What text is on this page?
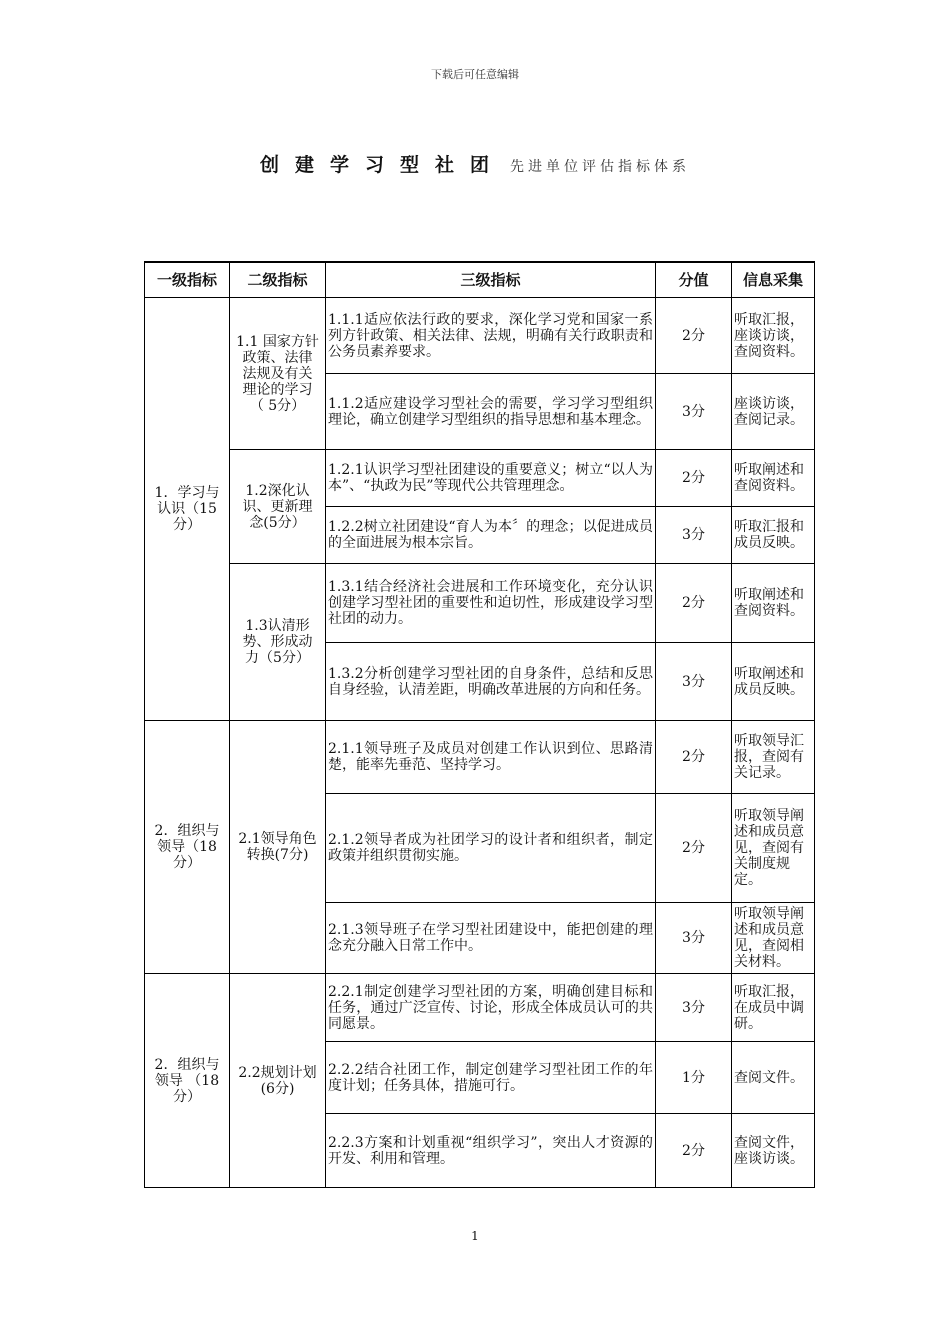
下载后可任意编辑
创建学习型社团 先进单位评估指标体系
一级指标	二级指标	三级指标	分值	信息采集
1．学习与认识（15分）	1.1 国家方针政策、法律法规及有关理论的学习（ 5分）	1.1.1适应依法行政的要求，深化学习党和国家一系列方针政策、相关法律、法规，明确有关行政职责和公务员素养要求。	2分	听取汇报，座谈访谈，查阅资料。
		1.1.2适应建设学习型社会的需要，学习学习型组织理论，确立创建学习型组织的指导思想和基本理念。	3分	座谈访谈，查阅记录。
	1.2深化认识、更新理念(5分）	1.2.1认识学习型社团建设的重要意义；树立“以人为本”、“执政为民”等现代公共管理理念。	2分	听取阐述和查阅资料。
		1.2.2树立社团建设“育人为本〞的理念；以促进成员的全面进展为根本宗旨。	3分	听取汇报和成员反映。
	1.3认清形势、形成动力（5分）	1.3.1结合经济社会进展和工作环境变化，充分认识创建学习型社团的重要性和迫切性，形成建设学习型社团的动力。	2分	听取阐述和查阅资料。
		1.3.2分析创建学习型社团的自身条件，总结和反思自身经验，认清差距，明确改革进展的方向和任务。	3分	听取阐述和成员反映。
2．组织与领导（18分）	2.1领导角色转换(7分)	2.1.1领导班子及成员对创建工作认识到位、思路清楚，能率先垂范、坚持学习。	2分	听取领导汇报，查阅有关记录。
		2.1.2领导者成为社团学习的设计者和组织者，制定政策并组织贯彻实施。	2分	听取领导阐述和成员意见，查阅有关制度规定。
		2.1.3领导班子在学习型社团建设中，能把创建的理念充分融入日常工作中。	3分	听取领导阐述和成员意见，查阅相关材料。
2．组织与领导 （18分）	2.2规划计划(6分)	2.2.1制定创建学习型社团的方案，明确创建目标和任务，通过广泛宣传、讨论，形成全体成员认可的共同愿景。	3分	听取汇报，在成员中调研。
		2.2.2结合社团工作，制定创建学习型社团工作的年度计划；任务具体，措施可行。	1分	查阅文件。
		2.2.3方案和计划重视“组织学习”，突出人才资源的开发、利用和管理。	2分	查阅文件，座谈访谈。
1
